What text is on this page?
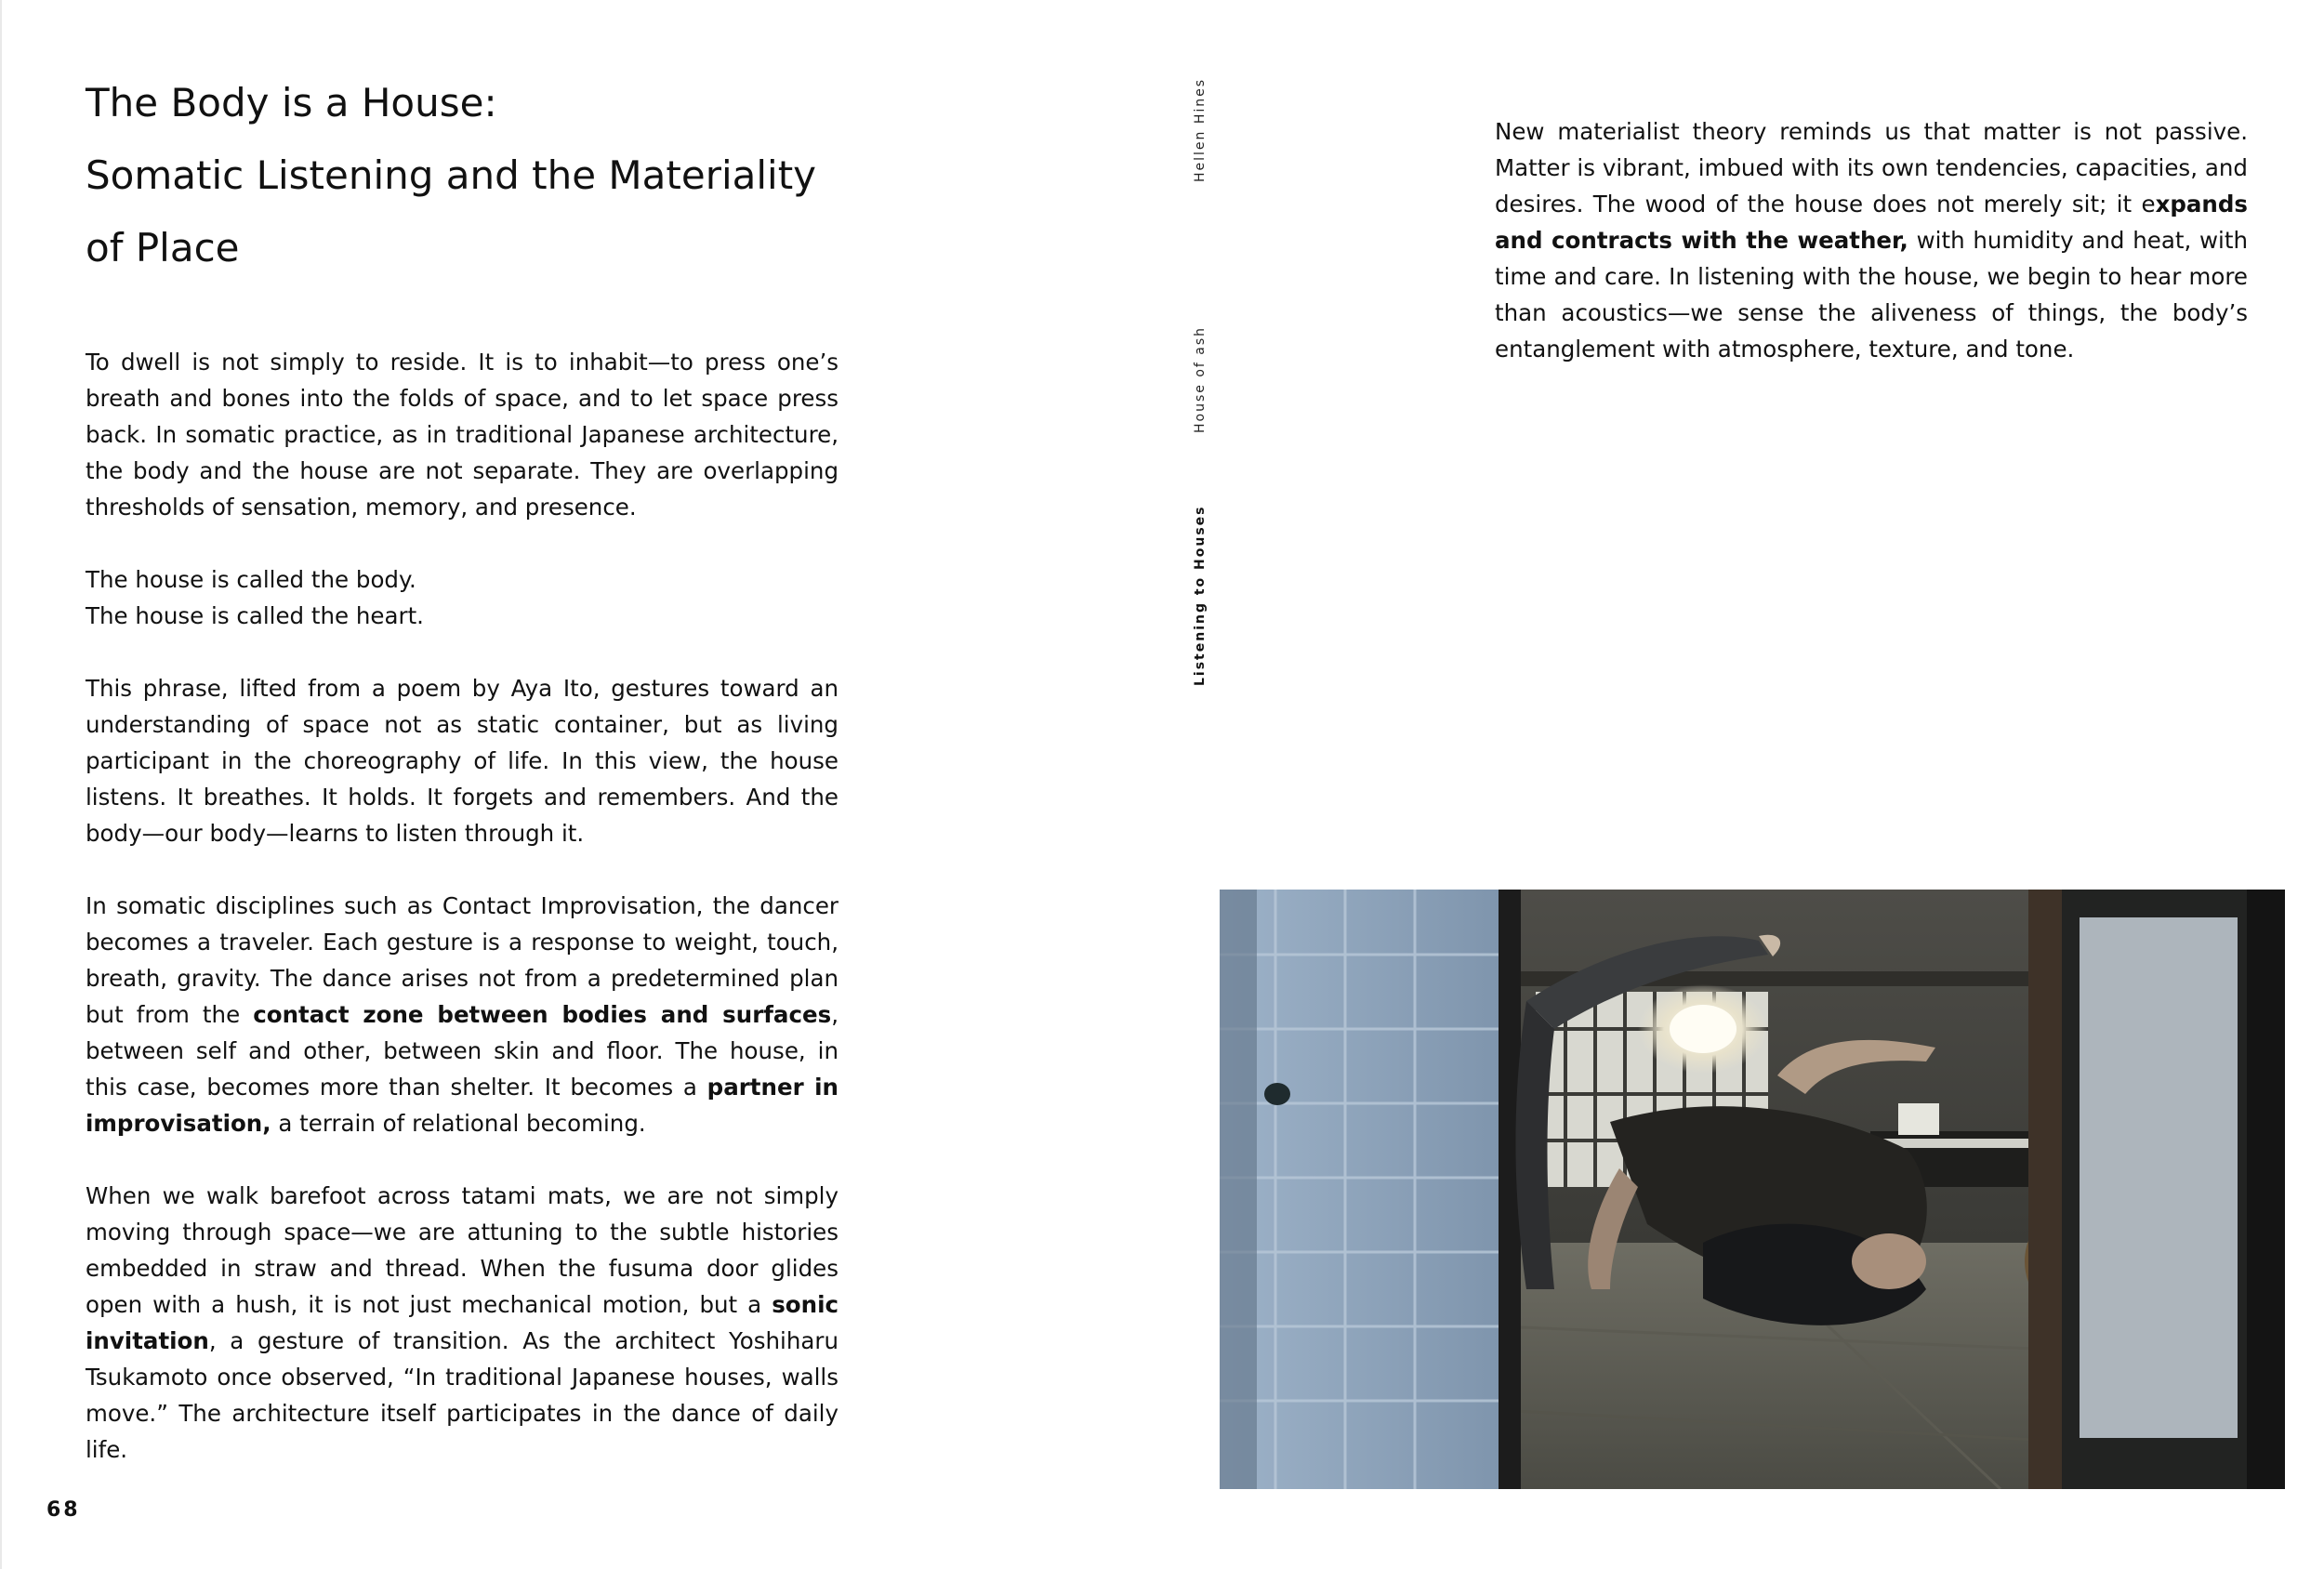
The Body is a House:
Somatic Listening and the Materiality
of Place

To dwell is not simply to reside. It is to inhabit—to press one’s breath and bones into the folds of space, and to let space press back. In somatic practice, as in traditional Japanese architecture, the body and the house are not separate. They are overlapping thresholds of sensation, memory, and presence.

The house is called the body.
The house is called the heart.

This phrase, lifted from a poem by Aya Ito, gestures toward an understanding of space not as static container, but as living participant in the choreography of life. In this view, the house listens. It breathes. It holds. It forgets and remembers. And the body—our body—learns to listen through it.

In somatic disciplines such as Contact Improvisation, the dancer becomes a traveler. Each gesture is a response to weight, touch, breath, gravity. The dance arises not from a predetermined plan but from the contact zone between bodies and surfaces, between self and other, between skin and floor. The house, in this case, becomes more than shelter. It becomes a partner in improvisation, a terrain of relational becoming.

When we walk barefoot across tatami mats, we are not simply moving through space—we are attuning to the subtle histories embedded in straw and thread. When the fusuma door glides open with a hush, it is not just mechanical motion, but a sonic invitation, a gesture of transition. As the architect Yoshiharu Tsukamoto once observed, “In traditional Japanese houses, walls move.” The architecture itself participates in the dance of daily life.

Hellen Hines
House of ash
Listening to Houses

New materialist theory reminds us that matter is not passive. Matter is vibrant, imbued with its own tendencies, capacities, and desires. The wood of the house does not merely sit; it expands and contracts with the weather, with humidity and heat, with time and care. In listening with the house, we begin to hear more than acoustics—we sense the aliveness of things, the body’s entanglement with atmosphere, texture, and tone.

68
